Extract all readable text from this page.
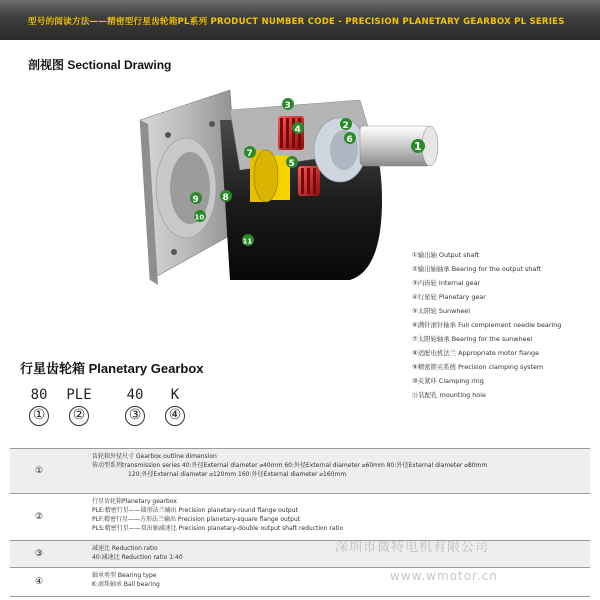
型号的阅读方法——精密型行星齿轮箱PL系列 PRODUCT NUMBER CODE - PRECISION PLANETARY GEARBOX PL SERIES
剖视图 Sectional Drawing
1
2
3
4
5
6
7
8
9
10
11
①输出轴 Output shaft
②输出轴轴承 Bearing for the output shaft
③内齿轮 Internal gear
④行星轮 Planetary gear
⑤太阳轮 Sunwheel
⑥满针滚针轴承 Full complement needle bearing
⑦太阳轮轴承 Bearing for the sunwheel
⑧适配电机法兰 Appropriate motor flange
⑨精密锁夹系统 Precision clamping system
⑩夹紧环 Clamping ring
⑪装配孔 mounting hole
行星齿轮箱 Planetary Gearbox
80
①
PLE
②
40
③
K
④
①
齿轮箱外径尺寸 Gearbox outline dimension
传动型系列transmission series 40:外径External diameter ⌀40mm 60:外径External diameter ⌀60mm 80:外径External diameter ⌀80mm
120:外径External diameter ⌀120mm 160:外径External diameter ⌀160mm
②
行星齿轮箱Planetary gearbox
PLE:精密行星——圆形法兰输出 Precision planetary-round flange output
PLF:精密行星——方形法兰输出 Precision planetary-square flange output
PLS:精密行星——双出轴减速比 Precision planetary-double output shaft reduction ratio
③
减速比 Reduction ratio
40:减速比 Reduction ratio 1:40
④
轴承类型 Bearing type
K:滚珠轴承 Ball bearing
深圳市微特电机有限公司
www.wmotor.cn
